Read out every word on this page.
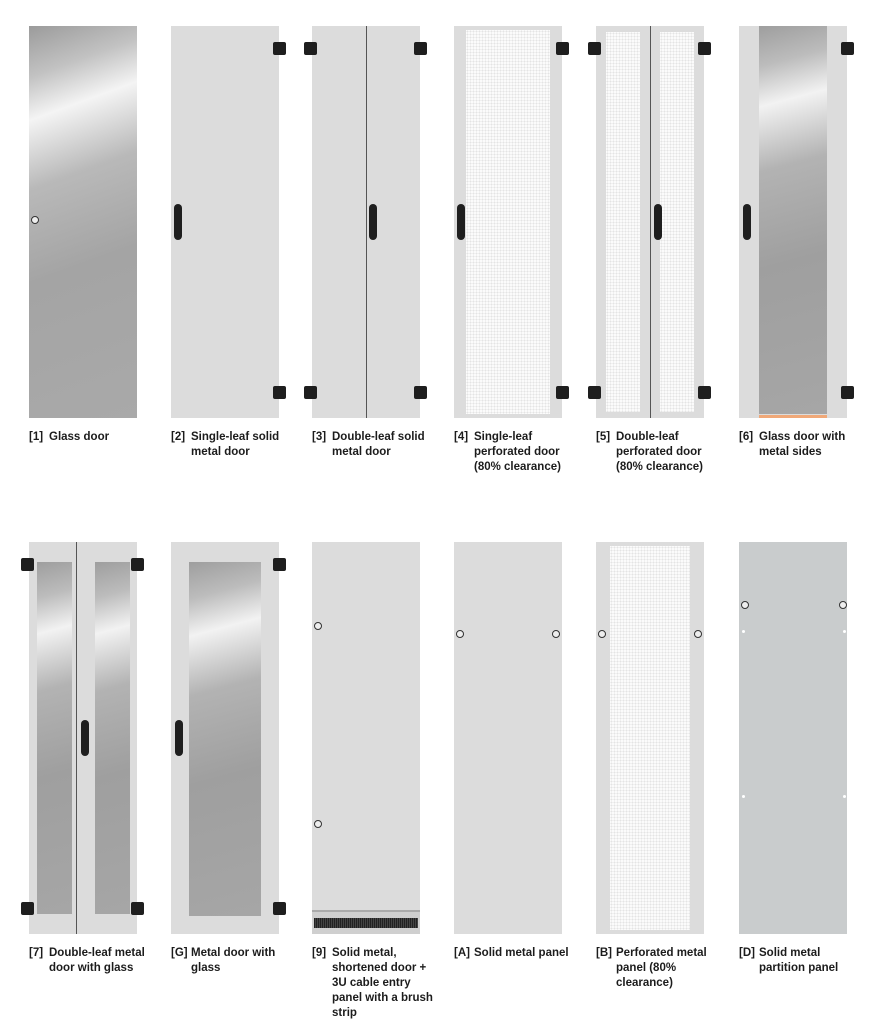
[1] Glass door	[2] Single-leaf solid metal door
[3] Double-leaf solid metal door
[4] Single-leaf perforated door (80% clearance)
[5] Double-leaf perforated door (80% clearance)
[6] Glass door with metal sides
[7] Double-leaf metal door with glass
[G] Metal door with glass
[9] Solid metal, shortened door + 3U cable entry panel with a brush strip
[A] Solid metal panel	[B] Perforated metal panel (80% clearance)
[D] Solid metal partition panel
